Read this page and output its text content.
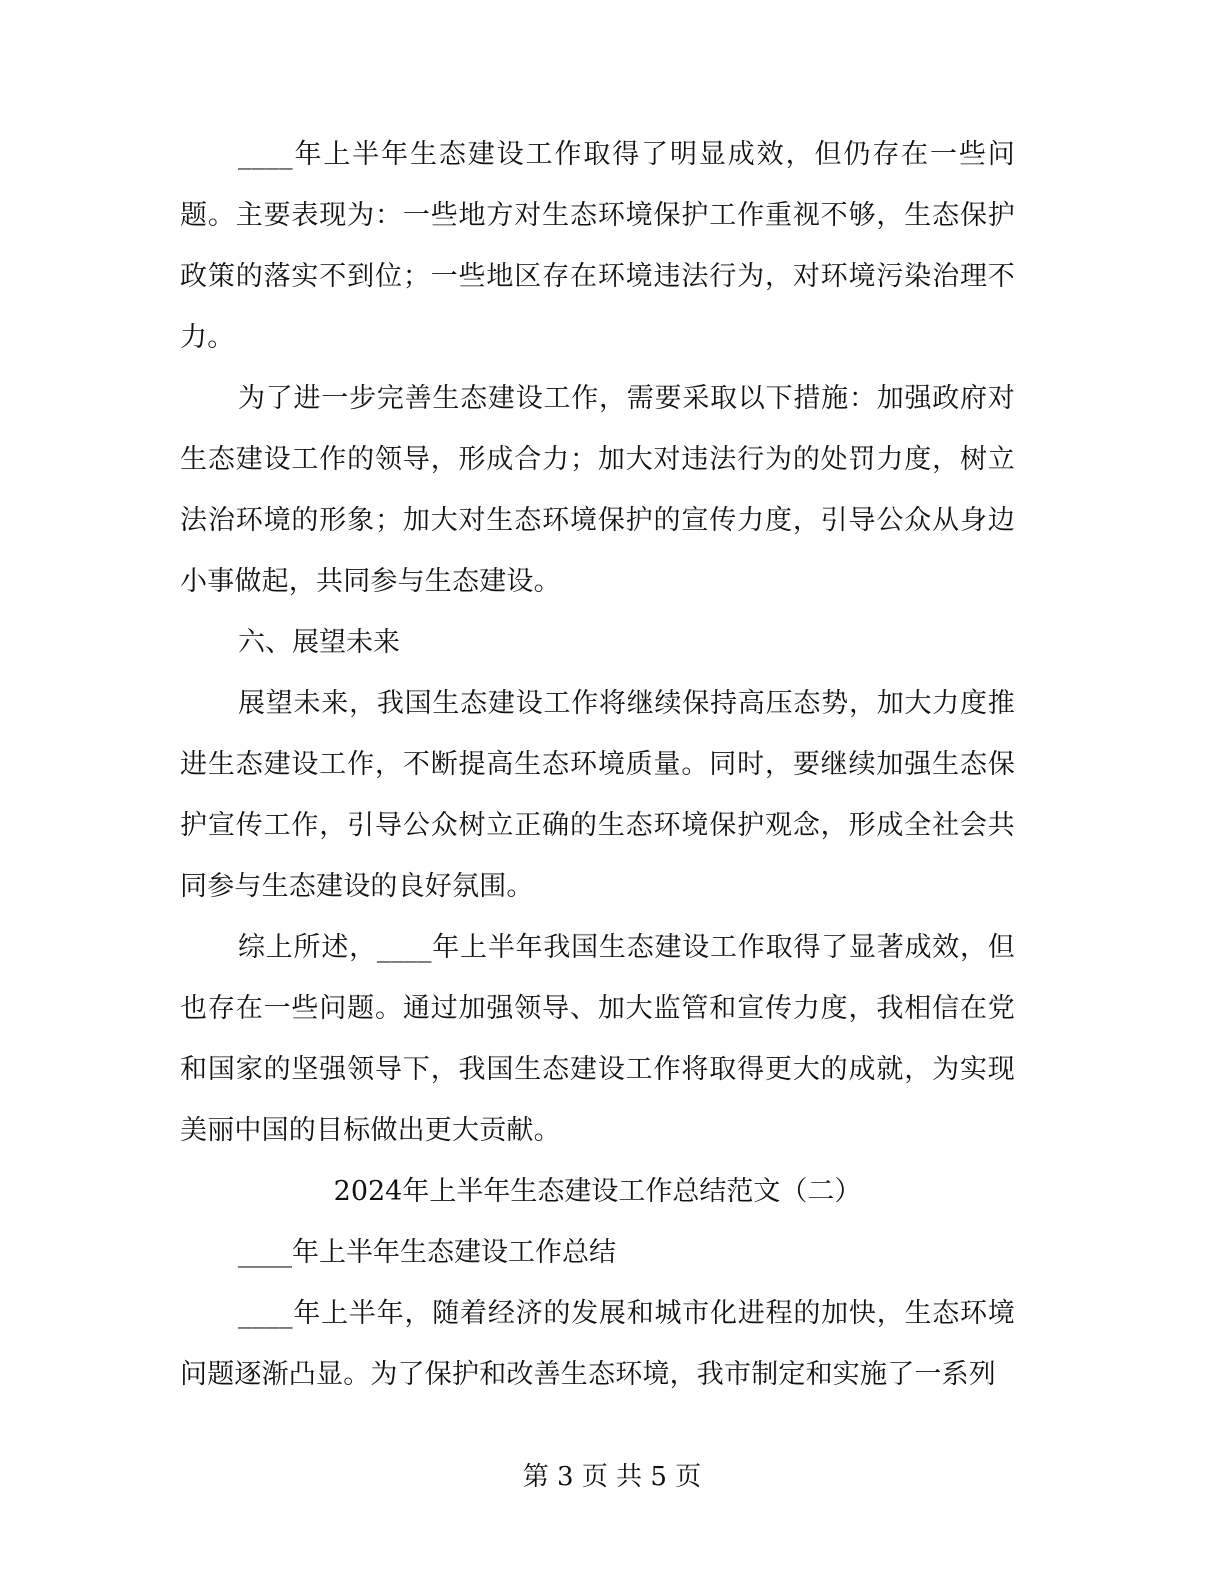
____年上半年生态建设工作取得了明显成效，但仍存在一些问题。主要表现为：一些地方对生态环境保护工作重视不够，生态保护政策的落实不到位；一些地区存在环境违法行为，对环境污染治理不力。

为了进一步完善生态建设工作，需要采取以下措施：加强政府对生态建设工作的领导，形成合力；加大对违法行为的处罚力度，树立法治环境的形象；加大对生态环境保护的宣传力度，引导公众从身边小事做起，共同参与生态建设。

六、展望未来

展望未来，我国生态建设工作将继续保持高压态势，加大力度推进生态建设工作，不断提高生态环境质量。同时，要继续加强生态保护宣传工作，引导公众树立正确的生态环境保护观念，形成全社会共同参与生态建设的良好氛围。

综上所述，____年上半年我国生态建设工作取得了显著成效，但也存在一些问题。通过加强领导、加大监管和宣传力度，我相信在党和国家的坚强领导下，我国生态建设工作将取得更大的成就，为实现美丽中国的目标做出更大贡献。

2024年上半年生态建设工作总结范文（二）

____年上半年生态建设工作总结

____年上半年，随着经济的发展和城市化进程的加快，生态环境问题逐渐凸显。为了保护和改善生态环境，我市制定和实施了一系列

第 3 页 共 5 页
